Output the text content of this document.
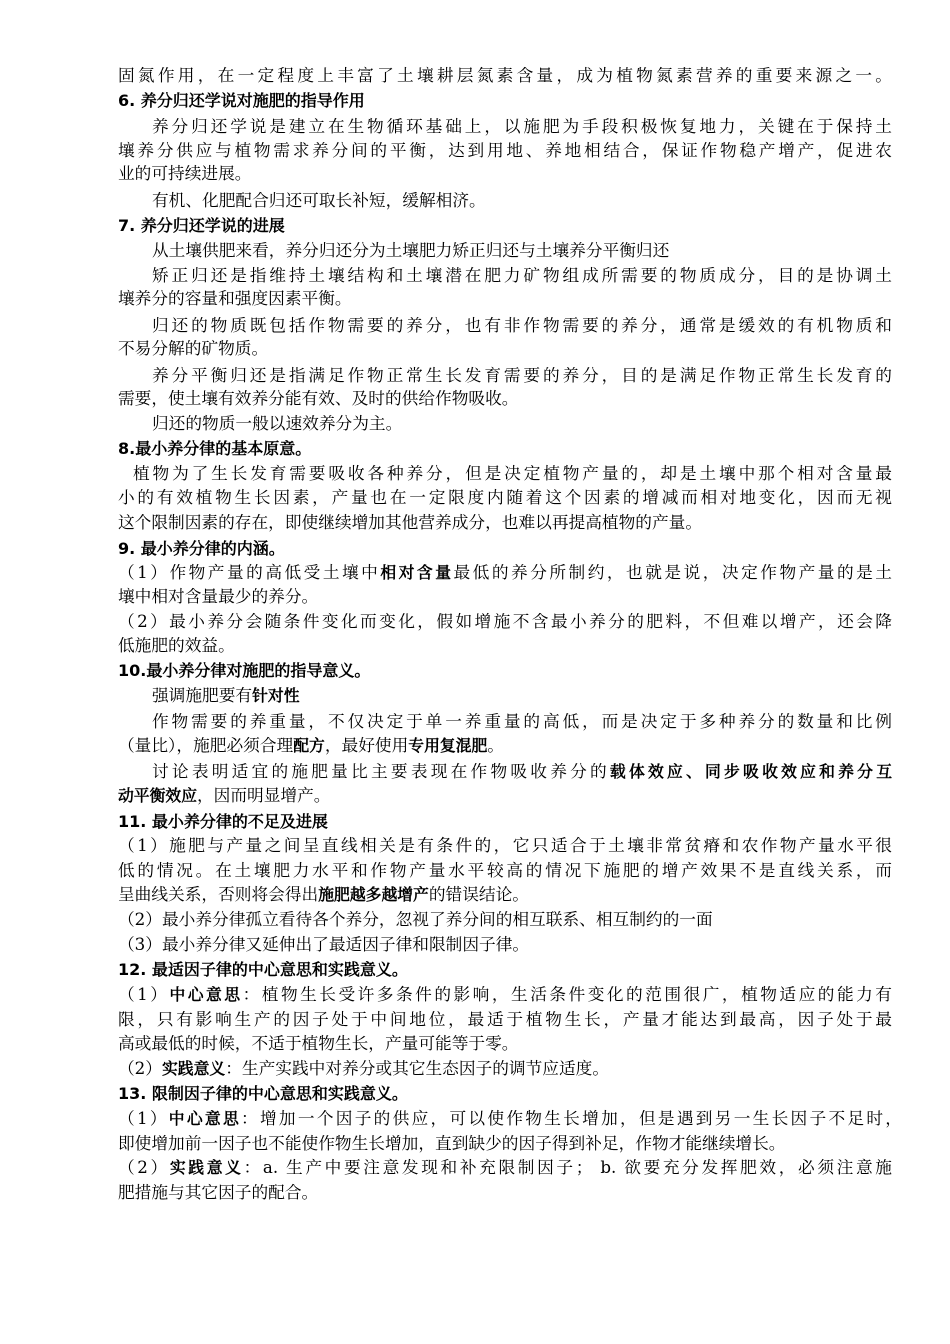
固氮作用，在一定程度上丰富了土壤耕层氮素含量，成为植物氮素营养的重要来源之一。
6. 养分归还学说对施肥的指导作用
养分归还学说是建立在生物循环基础上，以施肥为手段积极恢复地力，关键在于保持土
壤养分供应与植物需求养分间的平衡，达到用地、养地相结合，保证作物稳产增产，促进农
业的可持续进展。
有机、化肥配合归还可取长补短，缓解相济。
7. 养分归还学说的进展
从土壤供肥来看，养分归还分为土壤肥力矫正归还与土壤养分平衡归还
矫正归还是指维持土壤结构和土壤潜在肥力矿物组成所需要的物质成分，目的是协调土
壤养分的容量和强度因素平衡。
归还的物质既包括作物需要的养分，也有非作物需要的养分，通常是缓效的有机物质和
不易分解的矿物质。
养分平衡归还是指满足作物正常生长发育需要的养分，目的是满足作物正常生长发育的
需要，使土壤有效养分能有效、及时的供给作物吸收。
归还的物质一般以速效养分为主。
8.最小养分律的基本原意。
植物为了生长发育需要吸收各种养分，但是决定植物产量的，却是土壤中那个相对含量最
小的有效植物生长因素，产量也在一定限度内随着这个因素的增减而相对地变化，因而无视
这个限制因素的存在，即使继续增加其他营养成分，也难以再提高植物的产量。
9. 最小养分律的内涵。
（1）作物产量的高低受土壤中相对含量最低的养分所制约，也就是说，决定作物产量的是土
壤中相对含量最少的养分。
（2）最小养分会随条件变化而变化，假如增施不含最小养分的肥料，不但难以增产，还会降
低施肥的效益。
10.最小养分律对施肥的指导意义。
强调施肥要有针对性
作物需要的养重量，不仅决定于单一养重量的高低，而是决定于多种养分的数量和比例
（量比），施肥必须合理配方，最好使用专用复混肥。
讨论表明适宜的施肥量比主要表现在作物吸收养分的载体效应、同步吸收效应和养分互
动平衡效应，因而明显增产。
11. 最小养分律的不足及进展
（1）施肥与产量之间呈直线相关是有条件的，它只适合于土壤非常贫瘠和农作物产量水平很
低的情况。在土壤肥力水平和作物产量水平较高的情况下施肥的增产效果不是直线关系，而
呈曲线关系，否则将会得出施肥越多越增产的错误结论。
（2）最小养分律孤立看待各个养分，忽视了养分间的相互联系、相互制约的一面
（3）最小养分律又延伸出了最适因子律和限制因子律。
12. 最适因子律的中心意思和实践意义。
（1）中心意思：植物生长受许多条件的影响，生活条件变化的范围很广，植物适应的能力有
限，只有影响生产的因子处于中间地位，最适于植物生长，产量才能达到最高，因子处于最
高或最低的时候，不适于植物生长，产量可能等于零。
（2）实践意义：生产实践中对养分或其它生态因子的调节应适度。
13. 限制因子律的中心意思和实践意义。
（1）中心意思：增加一个因子的供应，可以使作物生长增加，但是遇到另一生长因子不足时，
即使增加前一因子也不能使作物生长增加，直到缺少的因子得到补足，作物才能继续增长。
（2）实践意义：a. 生产中要注意发现和补充限制因子； b. 欲要充分发挥肥效，必须注意施
肥措施与其它因子的配合。
